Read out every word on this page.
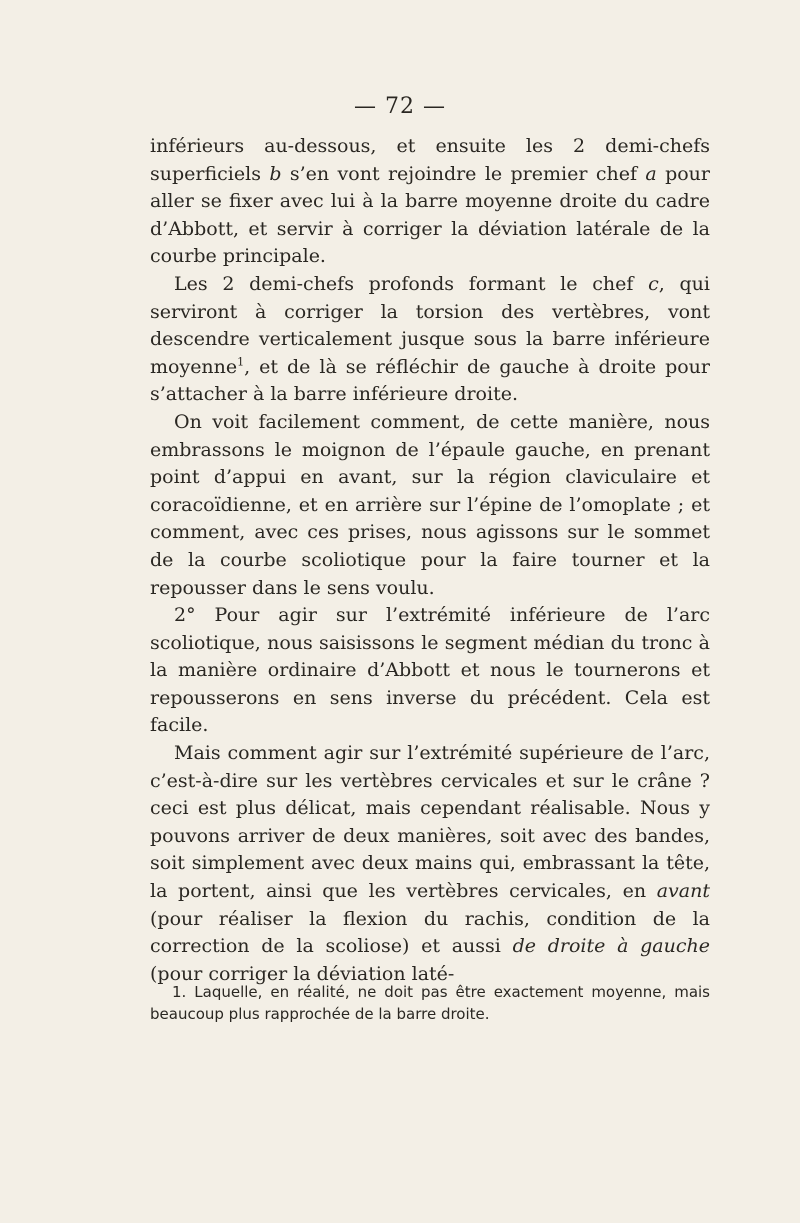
— 72 —

inférieurs au-dessous, et ensuite les 2 demi-chefs superficiels b s’en vont rejoindre le premier chef a pour aller se fixer avec lui à la barre moyenne droite du cadre d’Abbott, et servir à corriger la déviation latérale de la courbe principale.

Les 2 demi-chefs profonds formant le chef c, qui serviront à corriger la torsion des vertèbres, vont descendre verticalement jusque sous la barre inférieure moyenne$^1$, et de là se réfléchir de gauche à droite pour s’attacher à la barre inférieure droite.

On voit facilement comment, de cette manière, nous embrassons le moignon de l’épaule gauche, en prenant point d’appui en avant, sur la région claviculaire et coracoïdienne, et en arrière sur l’épine de l’omoplate ; et comment, avec ces prises, nous agissons sur le sommet de la courbe scoliotique pour la faire tourner et la repousser dans le sens voulu.

2° Pour agir sur l’extrémité inférieure de l’arc scoliotique, nous saisissons le segment médian du tronc à la manière ordinaire d’Abbott et nous le tournerons et repousserons en sens inverse du précédent. Cela est facile.

Mais comment agir sur l’extrémité supérieure de l’arc, c’est-à-dire sur les vertèbres cervicales et sur le crâne ? ceci est plus délicat, mais cependant réalisable. Nous y pouvons arriver de deux manières, soit avec des bandes, soit simplement avec deux mains qui, embrassant la tête, la portent, ainsi que les vertèbres cervicales, en avant (pour réaliser la flexion du rachis, condition de la correction de la scoliose) et aussi de droite à gauche (pour corriger la déviation laté-

1. Laquelle, en réalité, ne doit pas être exactement moyenne, mais beaucoup plus rapprochée de la barre droite.
